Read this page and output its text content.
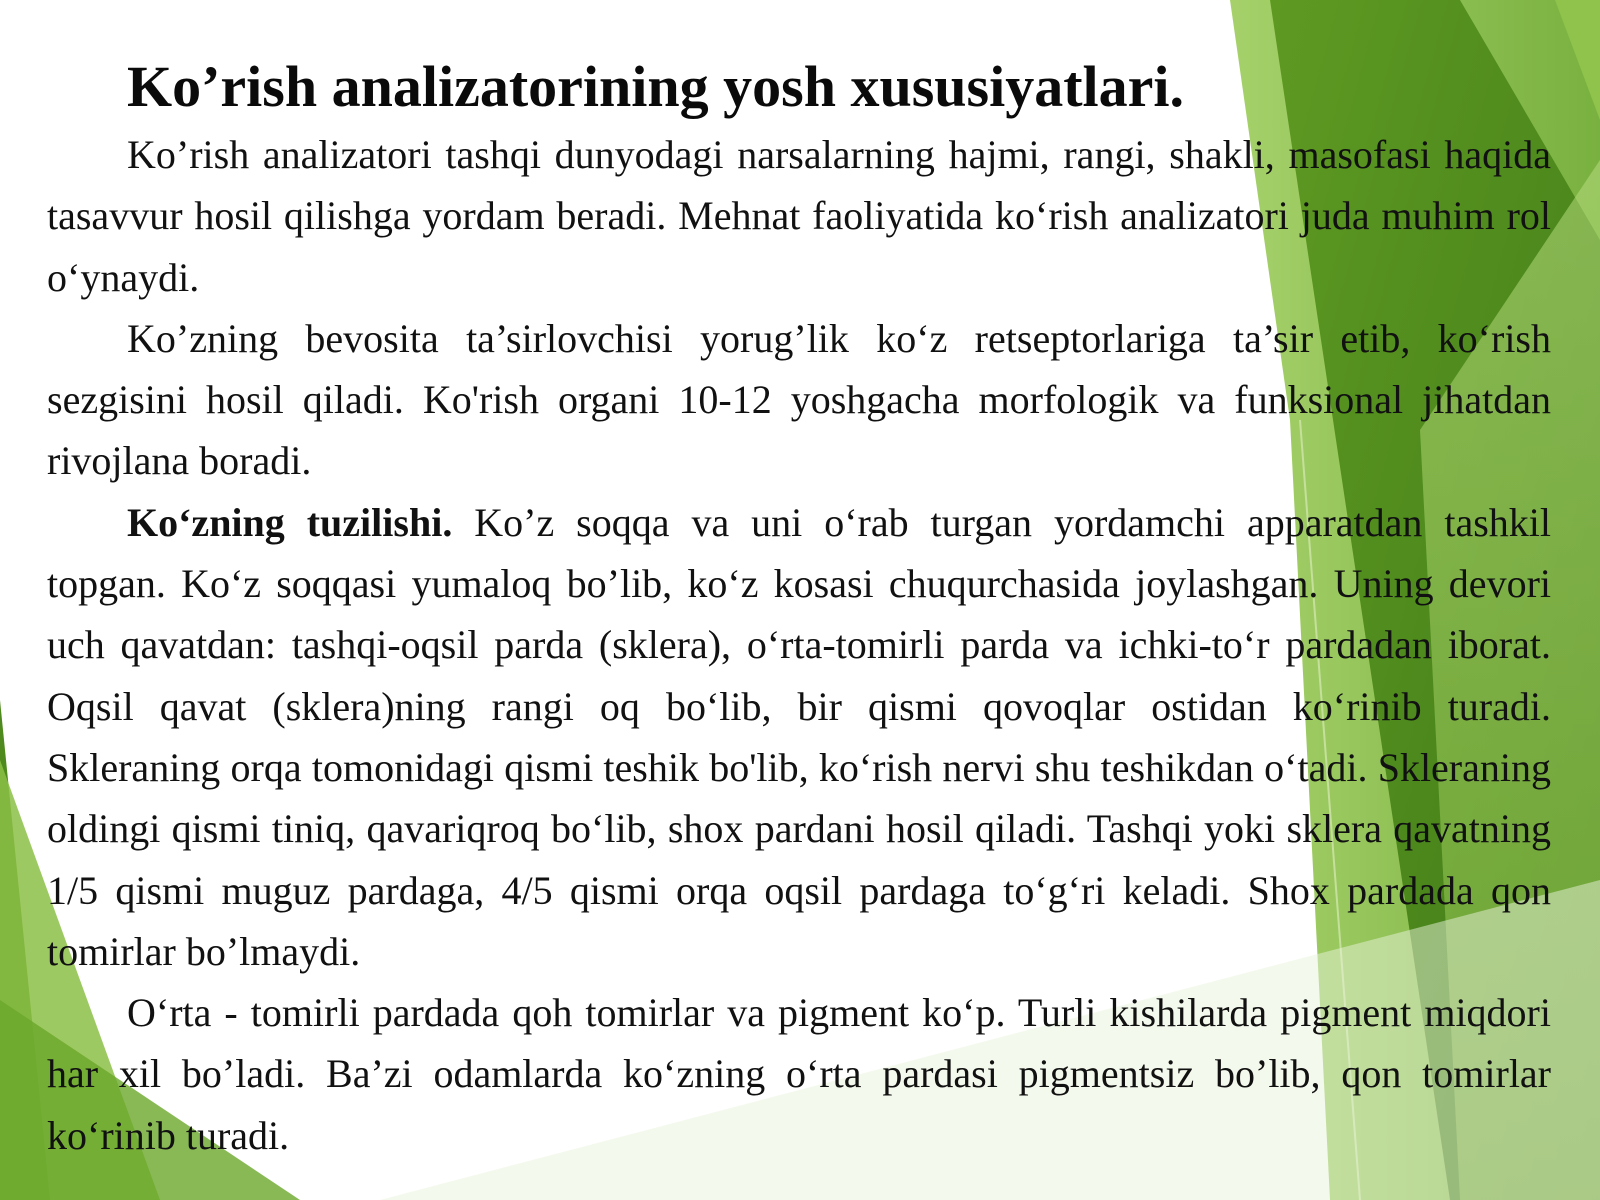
Ko’rish analizatorining yosh xususiyatlari.

Ko’rish analizatori tashqi dunyodagi narsalarning hajmi, rangi, shakli, masofasi haqida tasavvur hosil qilishga yordam beradi. Mehnat faoliyatida ko‘rish analizatori juda muhim rol o‘ynaydi.

Ko’zning bevosita ta’sirlovchisi yorug’lik ko‘z retseptorlariga ta’sir etib, ko‘rish sezgisini hosil qiladi. Ko'rish organi 10-12 yoshgacha morfologik va funksional jihatdan rivojlana boradi.

Ko‘zning tuzilishi. Ko’z soqqa va uni o‘rab turgan yordamchi apparatdan tashkil topgan. Ko‘z soqqasi yumaloq bo’lib, ko‘z kosasi chuqurchasida joylashgan. Uning devori uch qavatdan: tashqi-oqsil parda (sklera), o‘rta-tomirli parda va ichki-to‘r pardadan iborat. Oqsil qavat (sklera)ning rangi oq bo‘lib, bir qismi qovoqlar ostidan ko‘rinib turadi. Skleraning orqa tomonidagi qismi teshik bo'lib, ko‘rish nervi shu teshikdan o‘tadi. Skleraning oldingi qismi tiniq, qavariqroq bo‘lib, shox pardani hosil qiladi. Tashqi yoki sklera qavatning 1/5 qismi muguz pardaga, 4/5 qismi orqa oqsil pardaga to‘g‘ri keladi. Shox pardada qon tomirlar bo’lmaydi.

O‘rta - tomirli pardada qoh tomirlar va pigment ko‘p. Turli kishilarda pigment miqdori har xil bo’ladi. Ba’zi odamlarda ko‘zning o‘rta pardasi pigmentsiz bo’lib, qon tomirlar ko‘rinib turadi.
